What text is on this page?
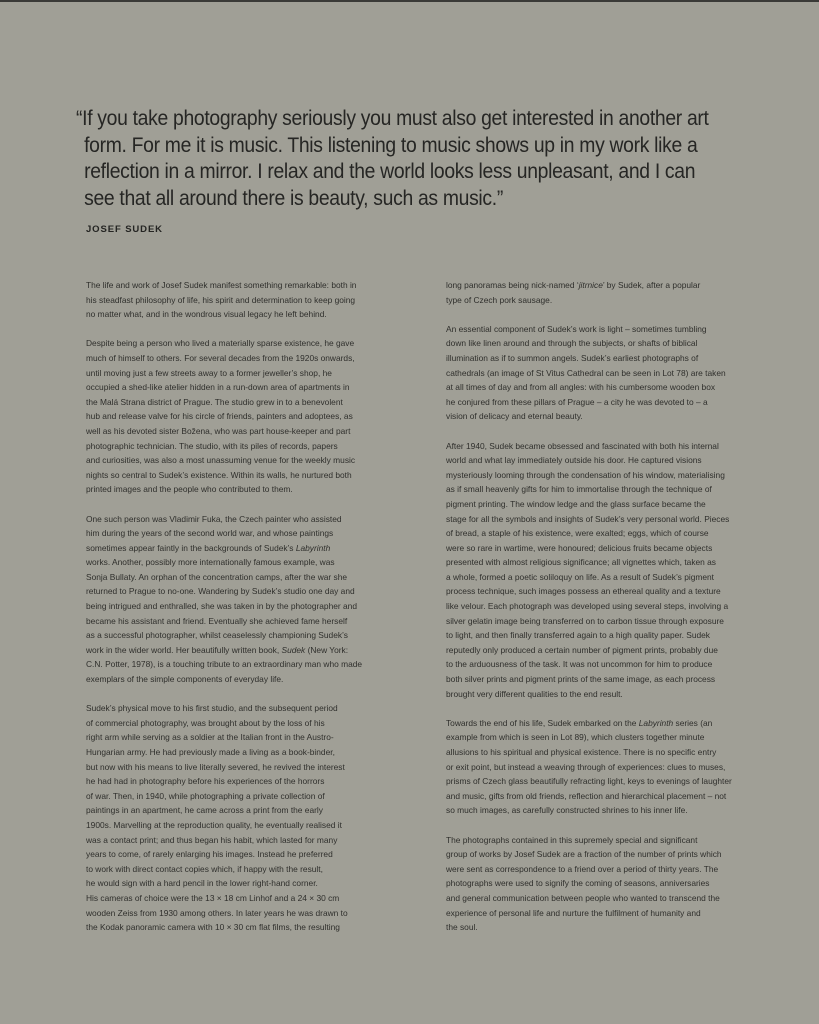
“If you take photography seriously you must also get interested in another art
form. For me it is music. This listening to music shows up in my work like a
reflection in a mirror. I relax and the world looks less unpleasant, and I can
see that all around there is beauty, such as music.”
JOSEF SUDEK

The life and work of Josef Sudek manifest something remarkable: both in
his steadfast philosophy of life, his spirit and determination to keep going
no matter what, and in the wondrous visual legacy he left behind.

Despite being a person who lived a materially sparse existence, he gave
much of himself to others. For several decades from the 1920s onwards,
until moving just a few streets away to a former jeweller’s shop, he
occupied a shed-like atelier hidden in a run-down area of apartments in
the Malá Strana district of Prague. The studio grew in to a benevolent
hub and release valve for his circle of friends, painters and adoptees, as
well as his devoted sister Božena, who was part house-keeper and part
photographic technician. The studio, with its piles of records, papers
and curiosities, was also a most unassuming venue for the weekly music
nights so central to Sudek’s existence. Within its walls, he nurtured both
printed images and the people who contributed to them.

One such person was Vladimir Fuka, the Czech painter who assisted
him during the years of the second world war, and whose paintings
sometimes appear faintly in the backgrounds of Sudek’s Labyrinth
works. Another, possibly more internationally famous example, was
Sonja Bullaty. An orphan of the concentration camps, after the war she
returned to Prague to no-one. Wandering by Sudek’s studio one day and
being intrigued and enthralled, she was taken in by the photographer and
became his assistant and friend. Eventually she achieved fame herself
as a successful photographer, whilst ceaselessly championing Sudek’s
work in the wider world. Her beautifully written book, Sudek (New York:
C.N. Potter, 1978), is a touching tribute to an extraordinary man who made
exemplars of the simple components of everyday life.

Sudek’s physical move to his first studio, and the subsequent period
of commercial photography, was brought about by the loss of his
right arm while serving as a soldier at the Italian front in the Austro-
Hungarian army. He had previously made a living as a book-binder,
but now with his means to live literally severed, he revived the interest
he had had in photography before his experiences of the horrors
of war. Then, in 1940, while photographing a private collection of
paintings in an apartment, he came across a print from the early
1900s. Marvelling at the reproduction quality, he eventually realised it
was a contact print; and thus began his habit, which lasted for many
years to come, of rarely enlarging his images. Instead he preferred
to work with direct contact copies which, if happy with the result,
he would sign with a hard pencil in the lower right-hand corner.
His cameras of choice were the 13 × 18 cm Linhof and a 24 × 30 cm
wooden Zeiss from 1930 among others. In later years he was drawn to
the Kodak panoramic camera with 10 × 30 cm flat films, the resulting

long panoramas being nick-named ‘jitrnice’ by Sudek, after a popular
type of Czech pork sausage.

An essential component of Sudek’s work is light – sometimes tumbling
down like linen around and through the subjects, or shafts of biblical
illumination as if to summon angels. Sudek’s earliest photographs of
cathedrals (an image of St Vitus Cathedral can be seen in Lot 78) are taken
at all times of day and from all angles: with his cumbersome wooden box
he conjured from these pillars of Prague – a city he was devoted to – a
vision of delicacy and eternal beauty.

After 1940, Sudek became obsessed and fascinated with both his internal
world and what lay immediately outside his door. He captured visions
mysteriously looming through the condensation of his window, materialising
as if small heavenly gifts for him to immortalise through the technique of
pigment printing. The window ledge and the glass surface became the
stage for all the symbols and insights of Sudek’s very personal world. Pieces
of bread, a staple of his existence, were exalted; eggs, which of course
were so rare in wartime, were honoured; delicious fruits became objects
presented with almost religious significance; all vignettes which, taken as
a whole, formed a poetic soliloquy on life. As a result of Sudek’s pigment
process technique, such images possess an ethereal quality and a texture
like velour. Each photograph was developed using several steps, involving a
silver gelatin image being transferred on to carbon tissue through exposure
to light, and then finally transferred again to a high quality paper. Sudek
reputedly only produced a certain number of pigment prints, probably due
to the arduousness of the task. It was not uncommon for him to produce
both silver prints and pigment prints of the same image, as each process
brought very different qualities to the end result.

Towards the end of his life, Sudek embarked on the Labyrinth series (an
example from which is seen in Lot 89), which clusters together minute
allusions to his spiritual and physical existence. There is no specific entry
or exit point, but instead a weaving through of experiences: clues to muses,
prisms of Czech glass beautifully refracting light, keys to evenings of laughter
and music, gifts from old friends, reflection and hierarchical placement – not
so much images, as carefully constructed shrines to his inner life.

The photographs contained in this supremely special and significant
group of works by Josef Sudek are a fraction of the number of prints which
were sent as correspondence to a friend over a period of thirty years. The
photographs were used to signify the coming of seasons, anniversaries
and general communication between people who wanted to transcend the
experience of personal life and nurture the fulfilment of humanity and
the soul.
